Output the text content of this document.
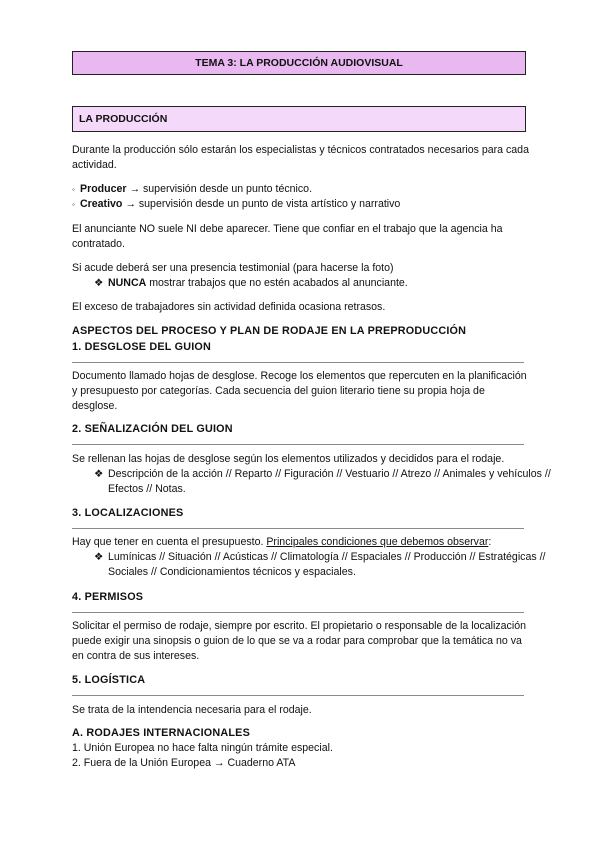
TEMA 3: LA PRODUCCIÓN AUDIOVISUAL
LA PRODUCCIÓN

Durante la producción sólo estarán los especialistas y técnicos contratados necesarios para cada actividad.

◦ Producer → supervisión desde un punto técnico.
◦ Creativo → supervisión desde un punto de vista artístico y narrativo

El anunciante NO suele NI debe aparecer. Tiene que confiar en el trabajo que la agencia ha contratado.

Si acude deberá ser una presencia testimonial (para hacerse la foto)

❖ NUNCA mostrar trabajos que no estén acabados al anunciante.

El exceso de trabajadores sin actividad definida ocasiona retrasos.

ASPECTOS DEL PROCESO Y PLAN DE RODAJE EN LA PREPRODUCCIÓN
1. DESGLOSE DEL GUION

Documento llamado hojas de desglose. Recoge los elementos que repercuten en la planificación y presupuesto por categorías. Cada secuencia del guion literario tiene su propia hoja de desglose.

2. SEÑALIZACIÓN DEL GUION

Se rellenan las hojas de desglose según los elementos utilizados y decididos para el rodaje.

❖ Descripción de la acción // Reparto // Figuración // Vestuario // Atrezo // Animales y vehículos // Efectos // Notas.
3. LOCALIZACIONES

Hay que tener en cuenta el presupuesto. Principales condiciones que debemos observar:

❖ Lumínicas // Situación // Acústicas // Climatología // Espaciales // Producción // Estratégicas // Sociales // Condicionamientos técnicos y espaciales.
4. PERMISOS

Solicitar el permiso de rodaje, siempre por escrito. El propietario o responsable de la localización puede exigir una sinopsis o guion de lo que se va a rodar para comprobar que la temática no va en contra de sus intereses.

5. LOGÍSTICA

Se trata de la intendencia necesaria para el rodaje.

A. RODAJES INTERNACIONALES
1. Unión Europea no hace falta ningún trámite especial.
2. Fuera de la Unión Europea → Cuaderno ATA
